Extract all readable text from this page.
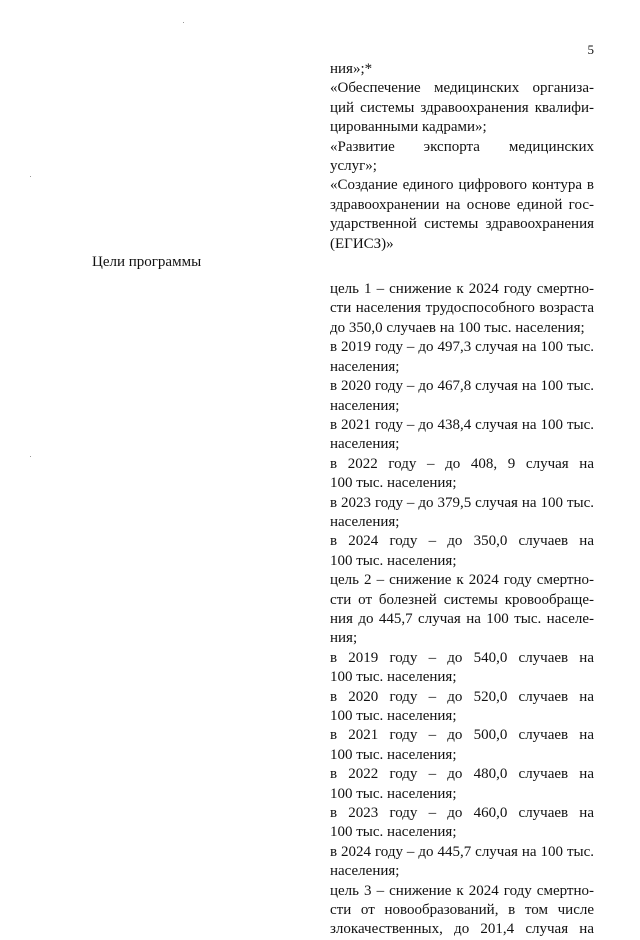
5
Цели программы
ния»;*
«Обеспечение медицинских организа-
ций системы здравоохранения квалифи-
цированными кадрами»;
«Развитие экспорта медицинских
услуг»;
«Создание единого цифрового контура в
здравоохранении на основе единой гос-
ударственной системы здравоохранения
(ЕГИСЗ)»
цель 1 – снижение к 2024 году смертно-
сти населения трудоспособного возраста
до 350,0 случаев на 100 тыс. населения;
в 2019 году – до 497,3 случая на 100 тыс.
населения;
в 2020 году – до 467,8 случая на 100 тыс.
населения;
в 2021 году – до 438,4 случая на 100 тыс.
населения;
в 2022 году – до 408, 9 случая на
100 тыс. населения;
в 2023 году – до 379,5 случая на 100 тыс.
населения;
в 2024 году – до 350,0 случаев на
100 тыс. населения;
цель 2 – снижение к 2024 году смертно-
сти от болезней системы кровообраще-
ния до 445,7 случая на 100 тыс. населе-
ния;
в 2019 году – до 540,0 случаев на
100 тыс. населения;
в 2020 году – до 520,0 случаев на
100 тыс. населения;
в 2021 году – до 500,0 случаев на
100 тыс. населения;
в 2022 году – до 480,0 случаев на
100 тыс. населения;
в 2023 году – до 460,0 случаев на
100 тыс. населения;
в 2024 году – до 445,7 случая на 100 тыс.
населения;
цель 3 – снижение к 2024 году смертно-
сти от новообразований, в том числе
злокачественных, до 201,4 случая на
